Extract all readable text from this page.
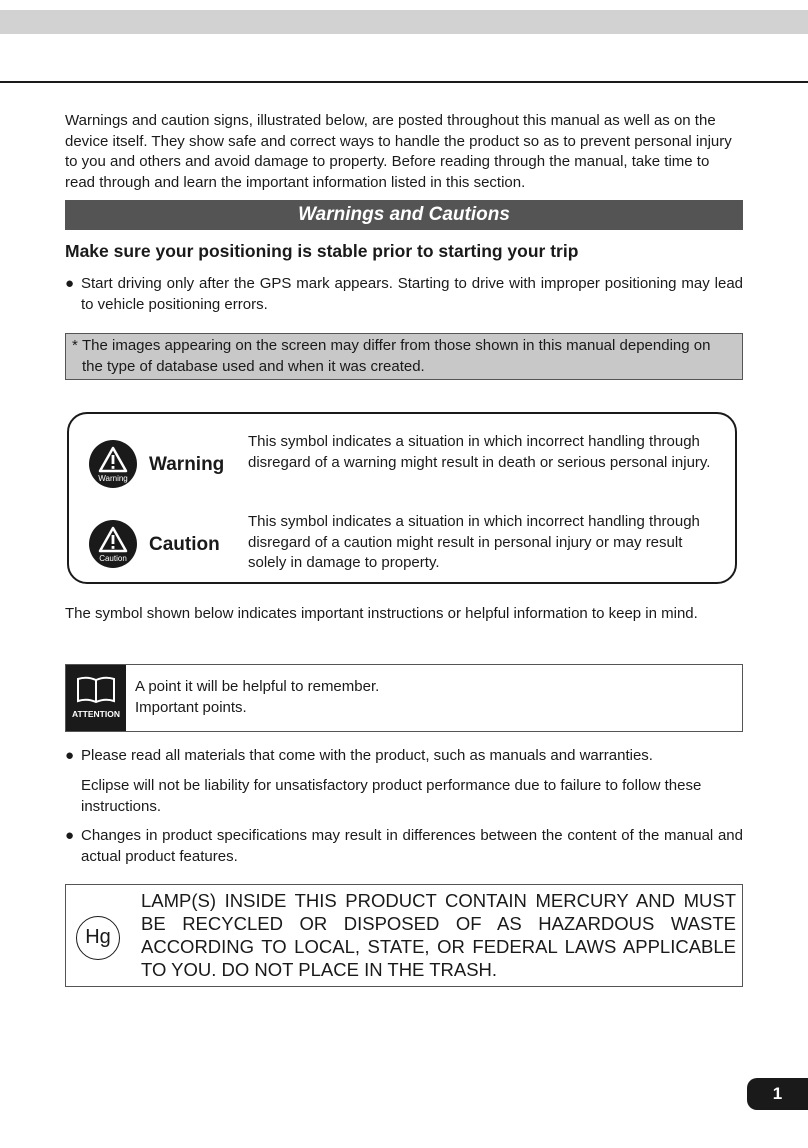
Warnings and caution signs, illustrated below, are posted throughout this manual as well as on the device itself. They show safe and correct ways to handle the product so as to prevent personal injury to you and others and avoid damage to property. Before reading through the manual, take time to read through and learn the important information listed in this section.

Warnings and Cautions
Make sure your positioning is stable prior to starting your trip
● Start driving only after the GPS mark appears. Starting to drive with improper positioning may lead to vehicle positioning errors.
* The images appearing on the screen may differ from those shown in this manual depending on the type of database used and when it was created.
Warning
Warning

This symbol indicates a situation in which incorrect handling through disregard of a warning might result in death or serious personal injury.

Caution
Caution

This symbol indicates a situation in which incorrect handling through disregard of a caution might result in personal injury or may result solely in damage to property.

The symbol shown below indicates important instructions or helpful information to keep in mind.

ATTENTION
A point it will be helpful to remember.
Important points.
● Please read all materials that come with the product, such as manuals and warranties.

Eclipse will not be liability for unsatisfactory product performance due to failure to follow these instructions.

● Changes in product specifications may result in differences between the content of the manual and actual product features.
Hg

LAMP(S) INSIDE THIS PRODUCT CONTAIN MERCURY AND MUST BE RECYCLED OR DISPOSED OF AS HAZARDOUS WASTE ACCORDING TO LOCAL, STATE, OR FEDERAL LAWS APPLICABLE TO YOU. DO NOT PLACE IN THE TRASH.

1
